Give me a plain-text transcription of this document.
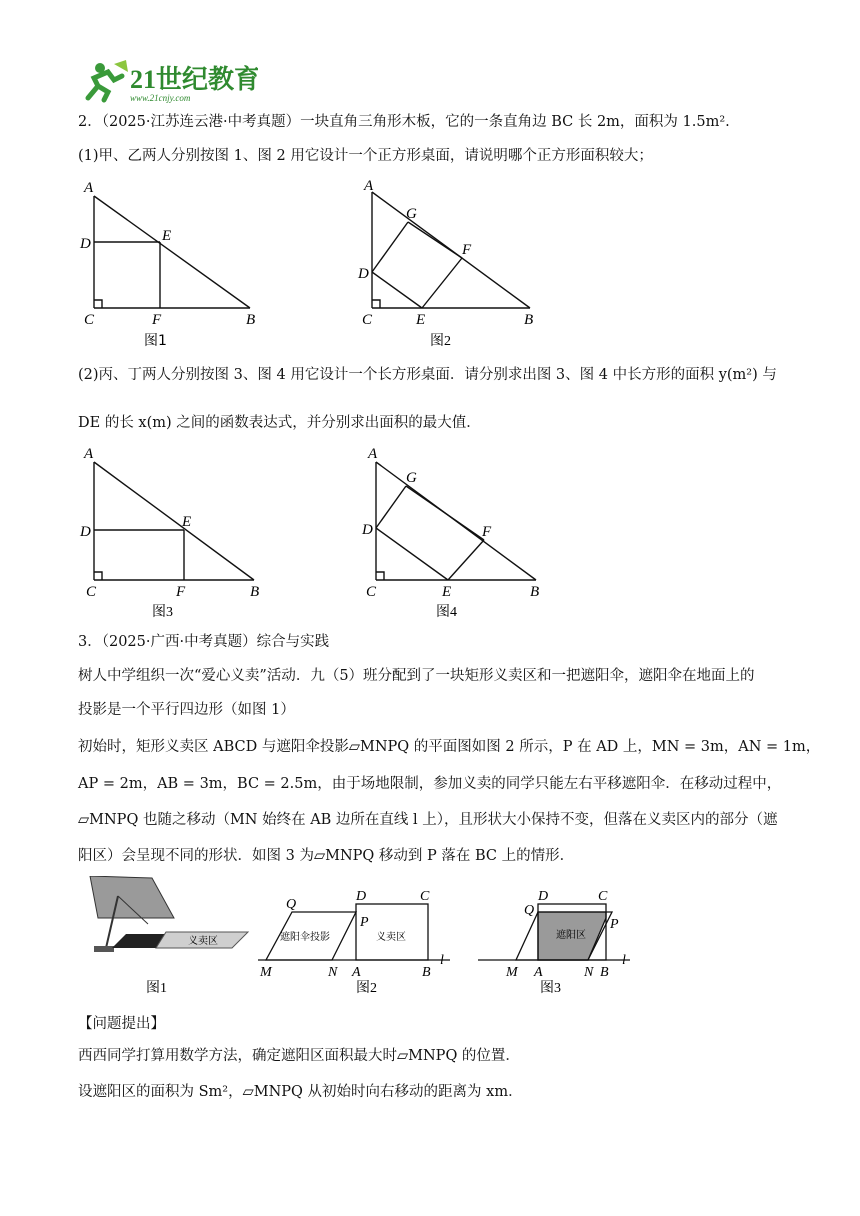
21世纪教育
www.21cnjy.com
2．（2025·江苏连云港·中考真题）一块直角三角形木板，它的一条直角边 BC 长 2m，面积为 1.5m².
(1)甲、乙两人分别按图 1、图 2 用它设计一个正方形桌面，请说明哪个正方形面积较大；
A
D	E
C	F	B
图1
A
G
F
D
C	E	B
图2
(2)丙、丁两人分别按图 3、图 4 用它设计一个长方形桌面．请分别求出图 3、图 4 中长方形的面积 y(m²) 与
DE 的长 x(m) 之间的函数表达式，并分别求出面积的最大值．
A
D
E
C	F	B
图3
A
G
F
D
C	E	B
图4
3．（2025·广西·中考真题）综合与实践
树人中学组织一次“爱心义卖”活动．九（5）班分配到了一块矩形义卖区和一把遮阳伞，遮阳伞在地面上的
投影是一个平行四边形（如图 1）
初始时，矩形义卖区 ABCD 与遮阳伞投影▱MNPQ 的平面图如图 2 所示，P 在 AD 上，MN = 3m，AN = 1m，
AP = 2m，AB = 3m，BC = 2.5m，由于场地限制，参加义卖的同学只能左右平移遮阳伞．在移动过程中，
▱MNPQ 也随之移动（MN 始终在 AB 边所在直线 l 上），且形状大小保持不变，但落在义卖区内的部分（遮
阳区）会呈现不同的形状．如图 3 为▱MNPQ 移动到 P 落在 BC 上的情形．
义卖区
图1
Q
D	C
P
M	N A	B
l
遮阳伞投影	义卖区
图2
Q
D	C
P
M A	N B
l
遮阳区
图3
【问题提出】
西西同学打算用数学方法，确定遮阳区面积最大时▱MNPQ 的位置．
设遮阳区的面积为 Sm²，▱MNPQ 从初始时向右移动的距离为 xm．
